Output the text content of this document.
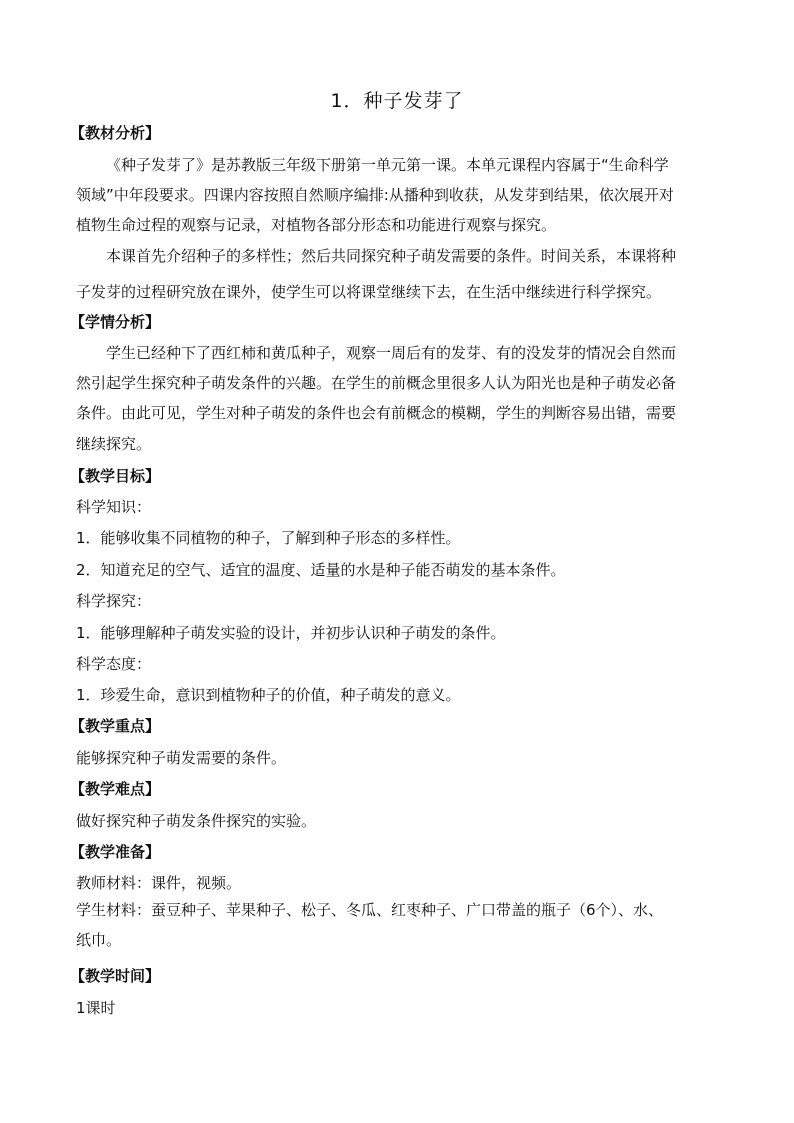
1．种子发芽了
【教材分析】
《种子发芽了》是苏教版三年级下册第一单元第一课。本单元课程内容属于“生命科学
领域”中年段要求。四课内容按照自然顺序编排:从播种到收获，从发芽到结果，依次展开对
植物生命过程的观察与记录，对植物各部分形态和功能进行观察与探究。
本课首先介绍种子的多样性；然后共同探究种子萌发需要的条件。时间关系，本课将种
子发芽的过程研究放在课外，使学生可以将课堂继续下去，在生活中继续进行科学探究。
【学情分析】
学生已经种下了西红柿和黄瓜种子，观察一周后有的发芽、有的没发芽的情况会自然而
然引起学生探究种子萌发条件的兴趣。在学生的前概念里很多人认为阳光也是种子萌发必备
条件。由此可见，学生对种子萌发的条件也会有前概念的模糊，学生的判断容易出错，需要
继续探究。
【教学目标】
科学知识：
1．能够收集不同植物的种子，了解到种子形态的多样性。
2．知道充足的空气、适宜的温度、适量的水是种子能否萌发的基本条件。
科学探究：
1．能够理解种子萌发实验的设计，并初步认识种子萌发的条件。
科学态度：
1．珍爱生命，意识到植物种子的价值，种子萌发的意义。
【教学重点】
能够探究种子萌发需要的条件。
【教学难点】
做好探究种子萌发条件探究的实验。
【教学准备】
教师材料：课件，视频。
学生材料：蚕豆种子、苹果种子、松子、冬瓜、红枣种子、广口带盖的瓶子（6个）、水、
纸巾。
【教学时间】
1课时
